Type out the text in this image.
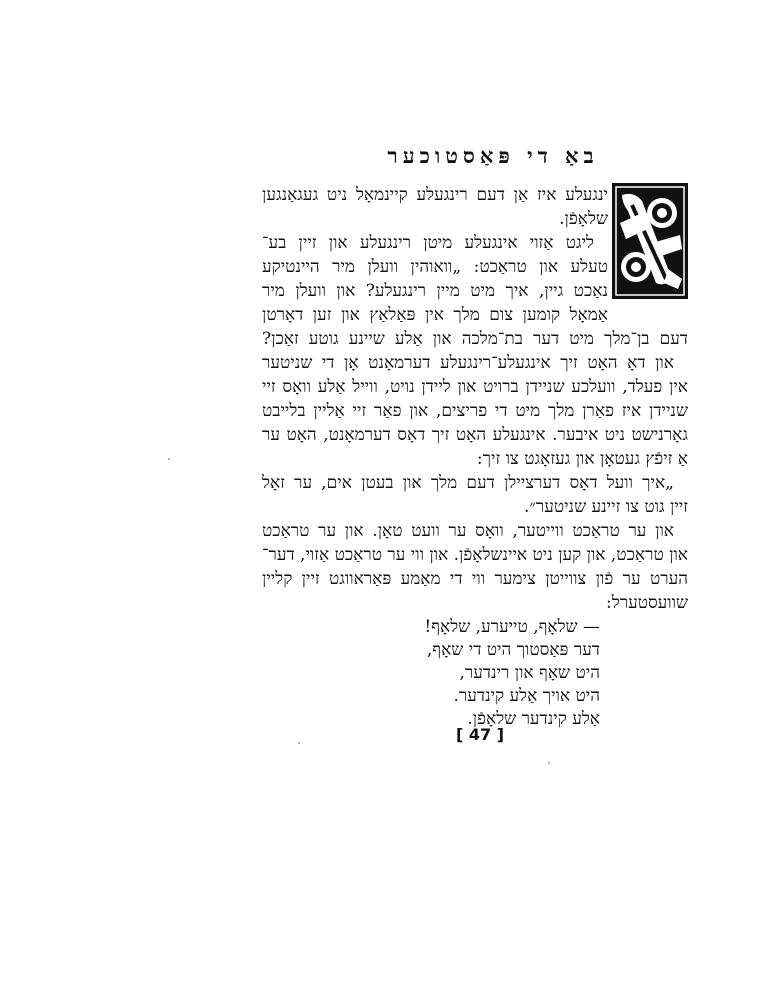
באַ די פּאַסטוכער
ינגעלע איז אַן דעם רינגעלע קיינמאָל ניט געגאַנגען
שלאָפֿן.
ליגט אַזוי אינגעלע מיטן רינגעלע און זיין בע־
טעלע און טראַכט: „וואוהין וועלן מיר היינטיקע
נאַכט גיין, איך מיט מיין רינגעלע? און וועלן מיר
אַמאָל קומען צום מלך אין פּאַלאַץ און זען דאָרטן
דעם בן־מלך מיט דער בת־מלכה און אַלע שיינע גוטע זאַכן?
און דאָ האָט זיך אינגעלע־רינגעלע דערמאָנט אָן די שניטער
אין פעלד, וועלכע שניידן ברויט און ליידן נויט, ווייל אַלע וואָס זיי
שניידן איז פאַרן מלך מיט די פריצים, און פאַר זיי אַליין בלייבט
גאָרנישט ניט איבער. אינגעלע האָט זיך דאָס דערמאָנט, האָט ער
אַ זיפֿץ געטאָן און געזאָגט צו זיך:
„איך וועל דאָס דערציילן דעם מלך און בעטן אים, ער זאָל
זיין גוט צו זיינע שניטער״.
און ער טראַכט ווייטער, וואָס ער וועט טאָן. און ער טראַכט
און טראַכט, און קען ניט איינשלאָפֿן. און ווי ער טראַכט אַזוי, דער־
הערט ער פֿון צווייטן צימער ווי די מאַמע פּאַראווגט זיין קליין
שוועסטערל:
— שלאָף, טייערע, שלאָף!
דער פּאַסטוך היט די שאָף,
היט שאָף און רינדער,
היט אויך אַלע קינדער.
אַלע קינדער שלאָפֿן.
[ 47 ]
